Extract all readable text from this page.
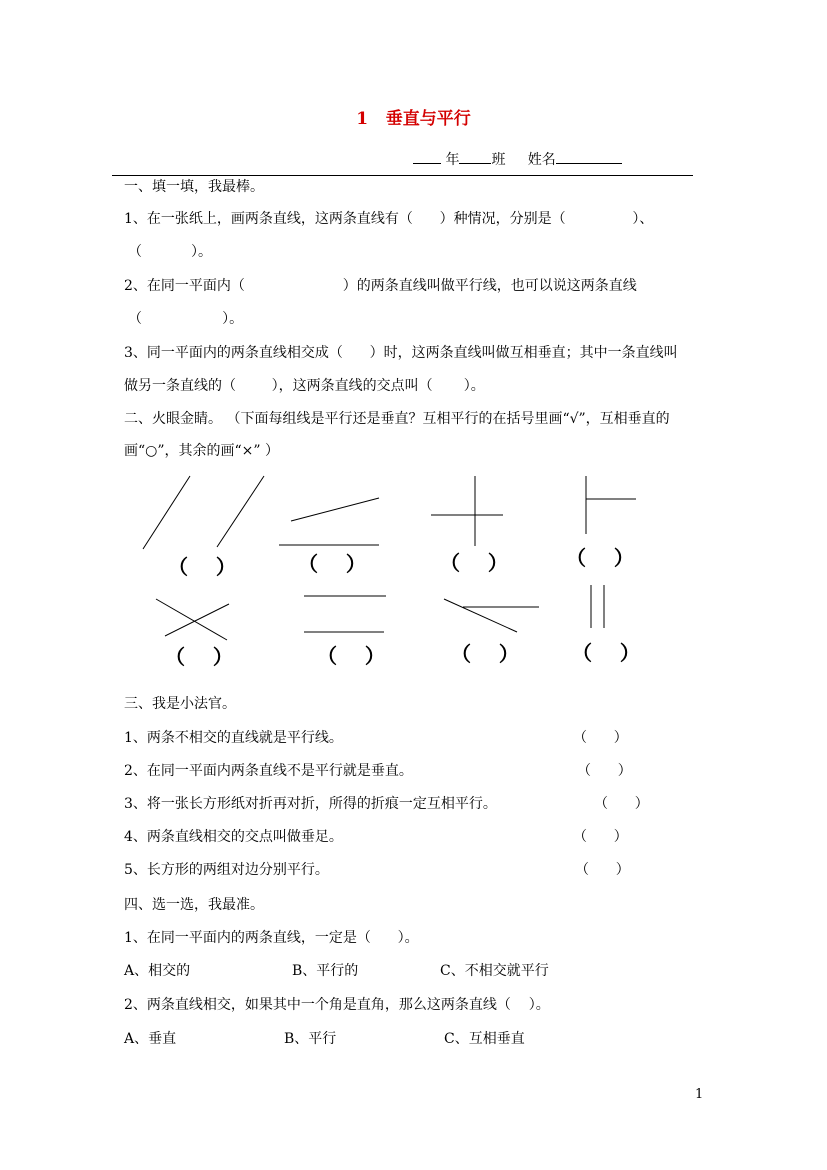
1   垂直与平行
年 班 姓名
一、填一填，我最棒。
1、在一张纸上，画两条直线，这两条直线有（      ）种情况，分别是（               ）、
（           ）。
2、在同一平面内（                      ）的两条直线叫做平行线，也可以说这两条直线
（                  ）。
3、同一平面内的两条直线相交成（      ）时，这两条直线叫做互相垂直；其中一条直线叫
做另一条直线的（        ），这两条直线的交点叫（       ）。
二、火眼金睛。 （下面每组线是平行还是垂直？互相平行的在括号里画“√”，互相垂直的
画“○”，其余的画“×” ）
（    ）	（    ）	（    ）	（    ）
（    ）	（    ）	（    ）	（    ）
三、我是小法官。
1、两条不相交的直线就是平行线。	（      ）
2、在同一平面内两条直线不是平行就是垂直。	（      ）
3、将一张长方形纸对折再对折，所得的折痕一定互相平行。	（      ）
4、两条直线相交的交点叫做垂足。	（      ）
5、长方形的两组对边分别平行。	（      ）
四、选一选，我最准。
1、在同一平面内的两条直线，一定是（      ）。
A、相交的	B、平行的	C、不相交就平行
2、两条直线相交，如果其中一个角是直角，那么这两条直线（    ）。
A、垂直	B、平行	C、互相垂直
1
